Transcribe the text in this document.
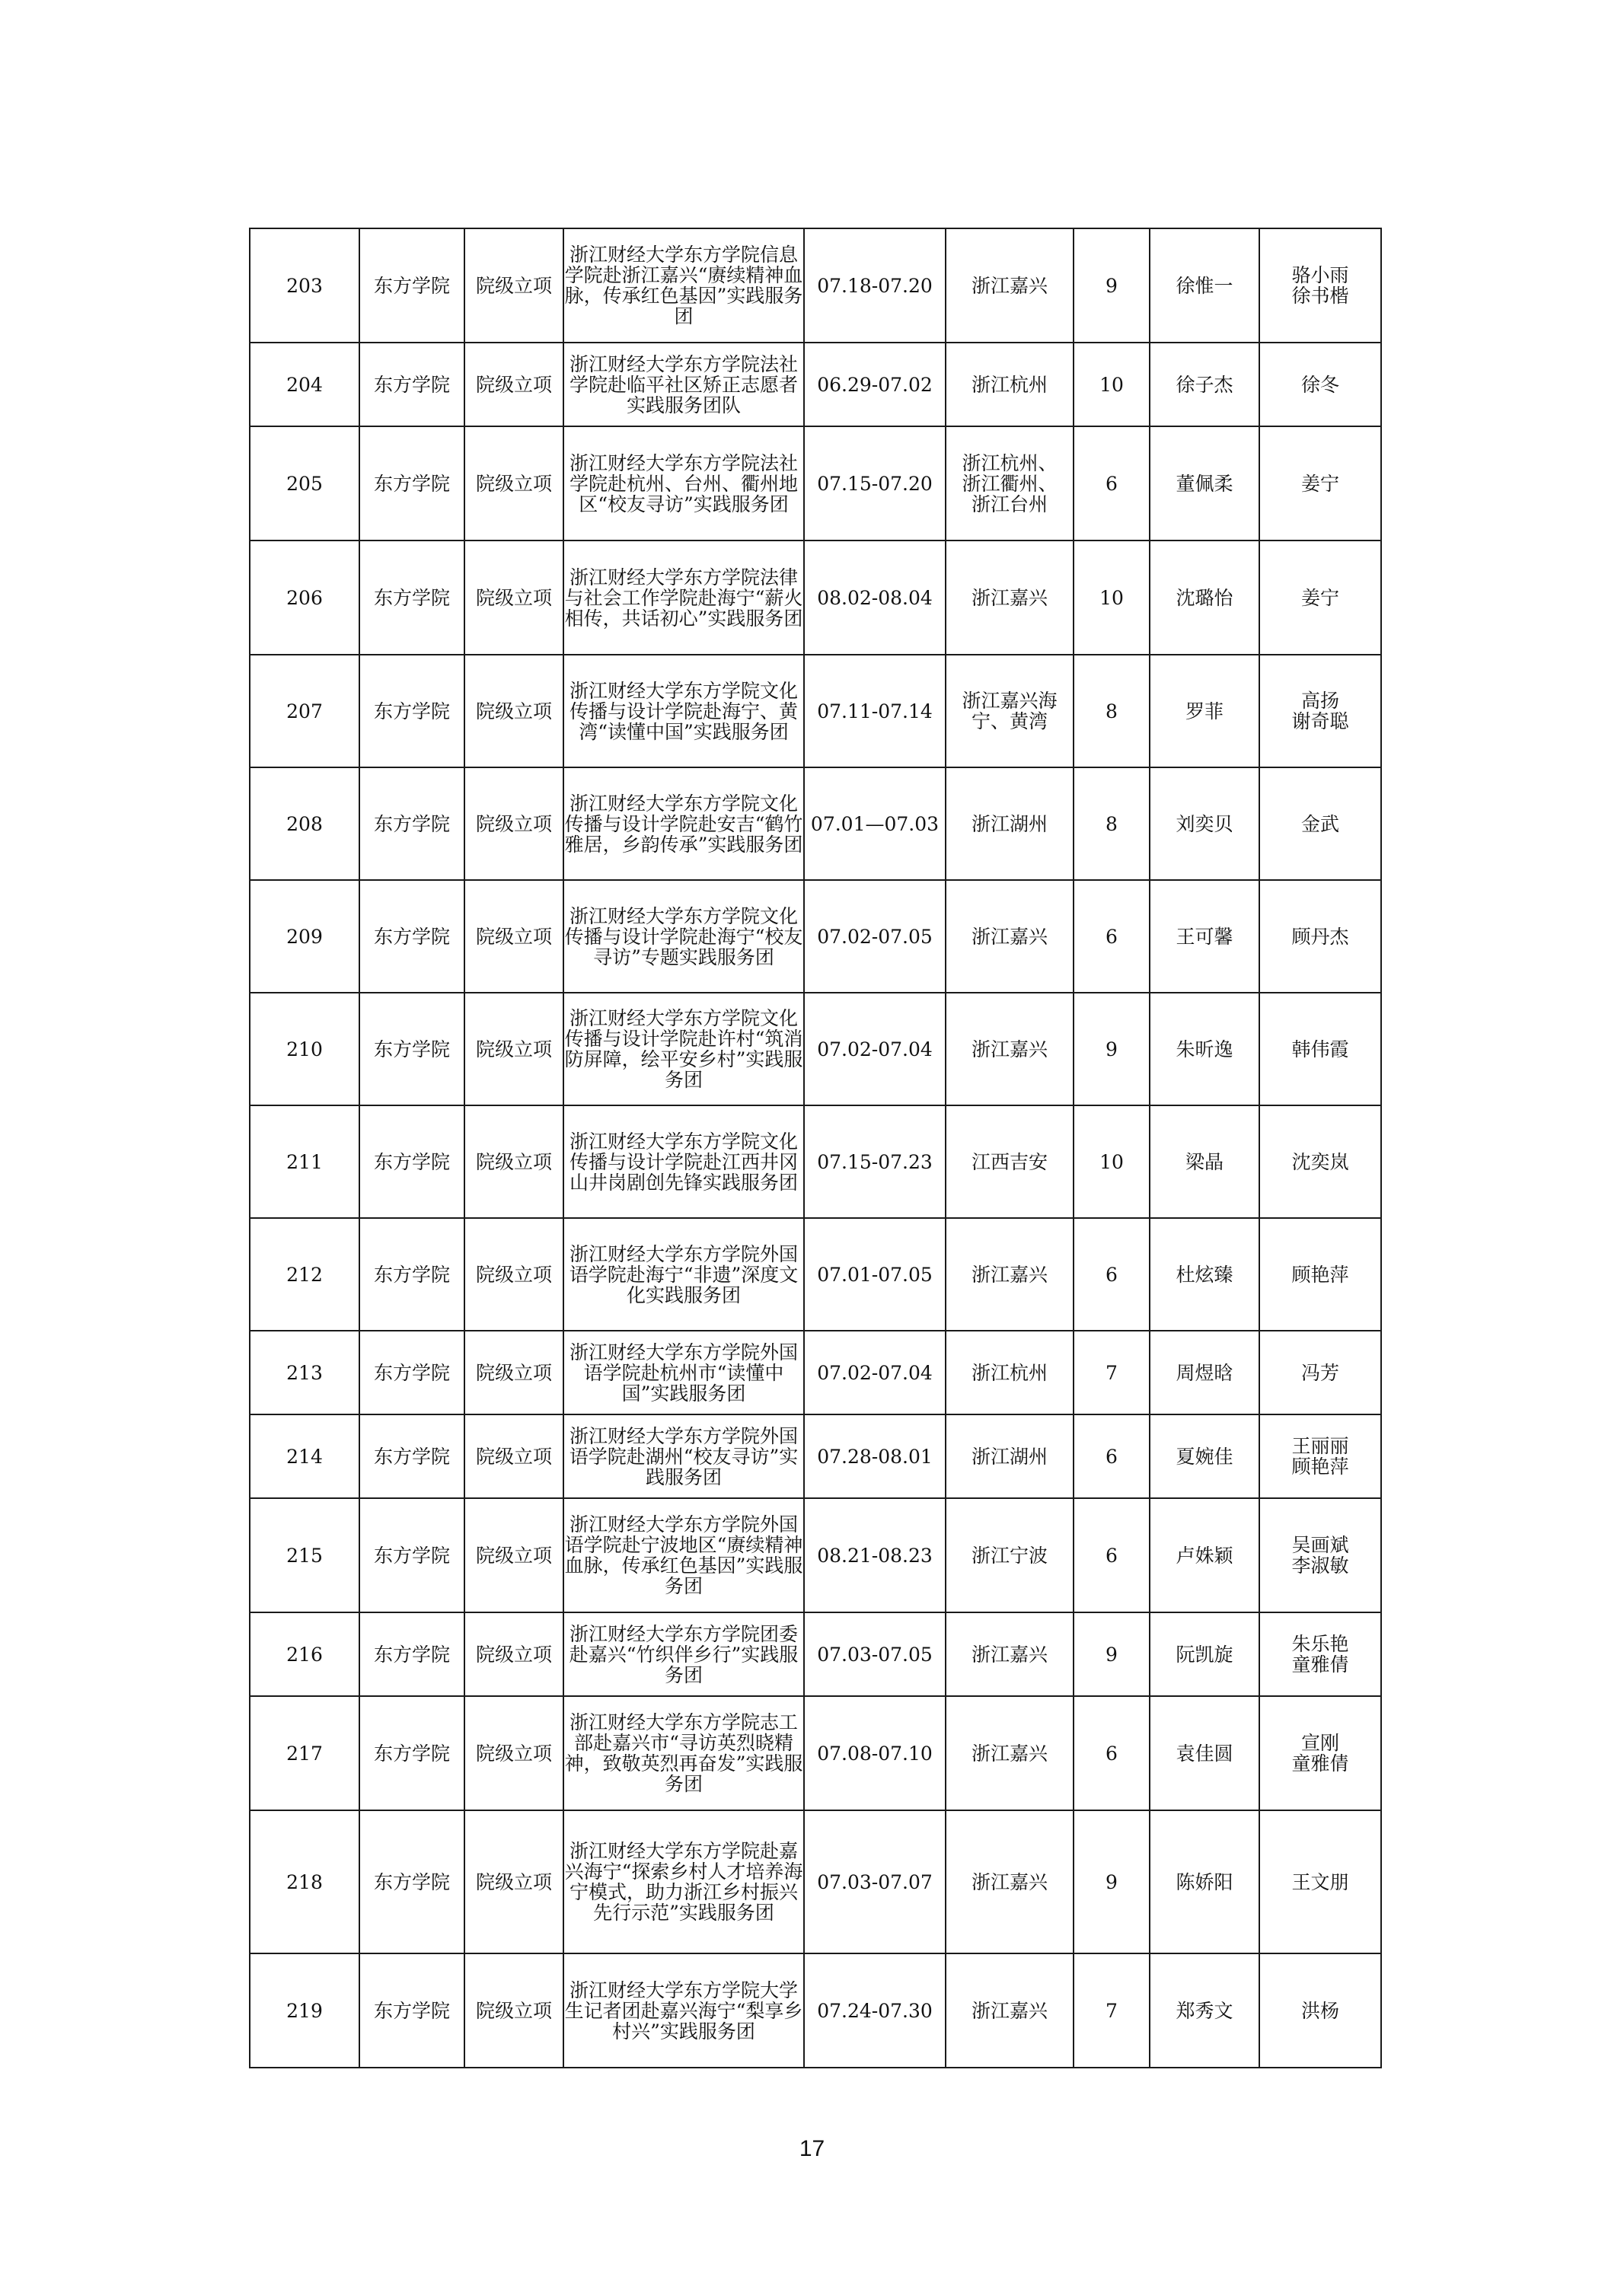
203	东方学院	院级立项	浙江财经大学东方学院信息学院赴浙江嘉兴“赓续精神血脉，传承红色基因”实践服务团	07.18-07.20	浙江嘉兴	9	徐惟一	骆小雨
徐书楷
204	东方学院	院级立项	浙江财经大学东方学院法社学院赴临平社区矫正志愿者实践服务团队	06.29-07.02	浙江杭州	10	徐子杰	徐冬
205	东方学院	院级立项	浙江财经大学东方学院法社学院赴杭州、台州、衢州地区“校友寻访”实践服务团	07.15-07.20	浙江杭州、
浙江衢州、
浙江台州	6	董佩柔	姜宁
206	东方学院	院级立项	浙江财经大学东方学院法律与社会工作学院赴海宁“薪火相传，共话初心”实践服务团	08.02-08.04	浙江嘉兴	10	沈璐怡	姜宁
207	东方学院	院级立项	浙江财经大学东方学院文化传播与设计学院赴海宁、黄湾“读懂中国”实践服务团	07.11-07.14	浙江嘉兴海宁、黄湾	8	罗菲	高扬
谢奇聪
208	东方学院	院级立项	浙江财经大学东方学院文化传播与设计学院赴安吉“鹤竹雅居，乡韵传承”实践服务团	07.01—07.03	浙江湖州	8	刘奕贝	金武
209	东方学院	院级立项	浙江财经大学东方学院文化传播与设计学院赴海宁“校友寻访”专题实践服务团	07.02-07.05	浙江嘉兴	6	王可馨	顾丹杰
210	东方学院	院级立项	浙江财经大学东方学院文化传播与设计学院赴许村“筑消防屏障，绘平安乡村”实践服务团	07.02-07.04	浙江嘉兴	9	朱昕逸	韩伟霞
211	东方学院	院级立项	浙江财经大学东方学院文化传播与设计学院赴江西井冈山井岗剧创先锋实践服务团	07.15-07.23	江西吉安	10	梁晶	沈奕岚
212	东方学院	院级立项	浙江财经大学东方学院外国语学院赴海宁“非遗”深度文化实践服务团	07.01-07.05	浙江嘉兴	6	杜炫臻	顾艳萍
213	东方学院	院级立项	浙江财经大学东方学院外国语学院赴杭州市“读懂中国”实践服务团	07.02-07.04	浙江杭州	7	周煜晗	冯芳
214	东方学院	院级立项	浙江财经大学东方学院外国语学院赴湖州“校友寻访”实践服务团	07.28-08.01	浙江湖州	6	夏婉佳	王丽丽
顾艳萍
215	东方学院	院级立项	浙江财经大学东方学院外国语学院赴宁波地区“赓续精神血脉，传承红色基因”实践服务团	08.21-08.23	浙江宁波	6	卢姝颖	吴画斌
李淑敏
216	东方学院	院级立项	浙江财经大学东方学院团委赴嘉兴“竹织伴乡行”实践服务团	07.03-07.05	浙江嘉兴	9	阮凯旋	朱乐艳
童雅倩
217	东方学院	院级立项	浙江财经大学东方学院志工部赴嘉兴市“寻访英烈晓精神，致敬英烈再奋发”实践服务团	07.08-07.10	浙江嘉兴	6	袁佳圆	宣刚
童雅倩
218	东方学院	院级立项	浙江财经大学东方学院赴嘉兴海宁“探索乡村人才培养海宁模式，助力浙江乡村振兴先行示范”实践服务团	07.03-07.07	浙江嘉兴	9	陈娇阳	王文朋
219	东方学院	院级立项	浙江财经大学东方学院大学生记者团赴嘉兴海宁“梨享乡村兴”实践服务团	07.24-07.30	浙江嘉兴	7	郑秀文	洪杨
17
